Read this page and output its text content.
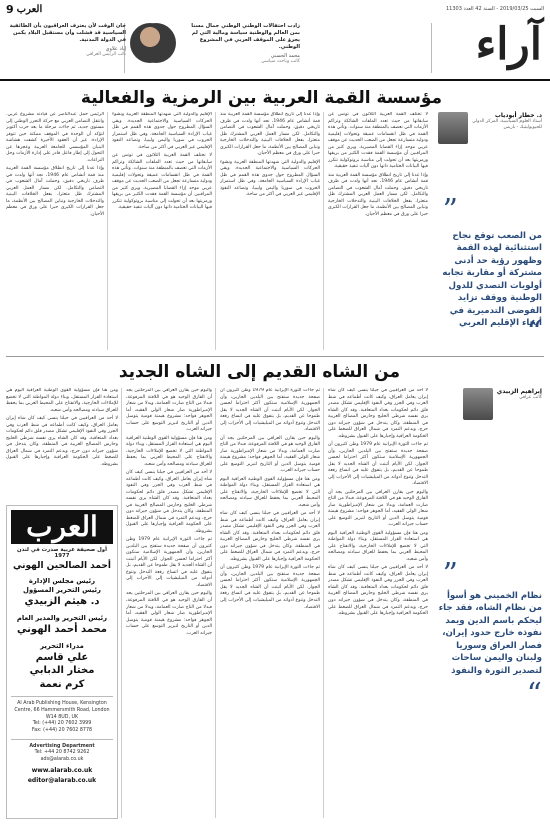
السبت 2019/03/25 - السنة 42 العدد 11303
9 العرب
آراء
زادت احتفالات الوطني الوطني جمال مسنا بمن العالم والوطنية سياسة ومالية التي لم يجرؤ على الموقف العربي في المشروع الوطني.
محمد الحسني
كاتب وباحث سياسي
حان الوقت لأن يعترف العراقيون بأن الطائفية السياسية قد فشلت وأن مستقبل البلاد يكمن في الدولة المدنية.
إياد علاوي
نائب الرئيس العراقي
مؤسسة القمة العربية بين الرمزية والفعالية
د. خطار أبودياب
أستاذ العلوم السياسية، المركز الدولي للجيوبوليتيك - باريس
”
من الصعب توقع نجاح استثنائية لهذه القمة وظهور رؤية حد أدنى مشتركة أو مقاربة تجابه أولويات التصدي للدول الوطنية ووقف تزايد الفوضى التدميرية في أنحاء الإقليم العربي
“

لا تختلف القمة العربية الثلاثون في تونس عن سابقاتها من حيث تعدد الملفات الشائكة وتراكم الأزمات التي تعصف بالمنطقة منذ سنوات. وتأتي هذه القمة في ظل انقسامات عميقة وتحولات إقليمية ودولية متسارعة تجعل من الصعب الحديث عن موقف عربي موحد إزاء القضايا المصيرية. ويرى كثير من المراقبين أن مؤسسة القمة فقدت الكثير من بريقها ورمزيتها بعد أن تحولت إلى مناسبة بروتوكولية تتكرر فيها البيانات الختامية ذاتها دون آليات تنفيذ حقيقية.

وإذا عدنا إلى تاريخ انطلاق مؤسسة القمة العربية منذ قمة أنشاص عام 1946، نجد أنها ولدت في ظرف تاريخي دقيق، وحملت آمال الشعوب في التضامن والتكامل. لكن مسار العمل العربي المشترك ظل متعثرا، بفعل الخلافات البينية والتدخلات الخارجية وتباين المصالح بين الأنظمة، ما جعل القرارات الكبرى حبرا على ورق في معظم الأحيان.

وإذا عدنا إلى تاريخ انطلاق مؤسسة القمة العربية منذ قمة أنشاص عام 1946، نجد أنها ولدت في ظرف تاريخي دقيق، وحملت آمال الشعوب في التضامن والتكامل. لكن مسار العمل العربي المشترك ظل متعثرا، بفعل الخلافات البينية والتدخلات الخارجية وتباين المصالح بين الأنظمة، ما جعل القرارات الكبرى حبرا على ورق في معظم الأحيان.

الإقليم والدولية التي شهدتها المنطقة العربية ونشوء الحركات السياسية والاجتماعية الجديدة. وبقي السؤال المطروح حول جدوى هذه القمم في ظل غياب الإرادة السياسية الجامعة، وفي ظل استمرار الحروب في سوريا واليمن وليبيا، وتصاعد النفوذ الإقليمي غير العربي في أكثر من ساحة.

الإقليم والدولية التي شهدتها المنطقة العربية ونشوء الحركات السياسية والاجتماعية الجديدة. وبقي السؤال المطروح حول جدوى هذه القمم في ظل غياب الإرادة السياسية الجامعة، وفي ظل استمرار الحروب في سوريا واليمن وليبيا، وتصاعد النفوذ الإقليمي غير العربي في أكثر من ساحة.

لا تختلف القمة العربية الثلاثون في تونس عن سابقاتها من حيث تعدد الملفات الشائكة وتراكم الأزمات التي تعصف بالمنطقة منذ سنوات. وتأتي هذه القمة في ظل انقسامات عميقة وتحولات إقليمية ودولية متسارعة تجعل من الصعب الحديث عن موقف عربي موحد إزاء القضايا المصيرية. ويرى كثير من المراقبين أن مؤسسة القمة فقدت الكثير من بريقها ورمزيتها بعد أن تحولت إلى مناسبة بروتوكولية تتكرر فيها البيانات الختامية ذاتها دون آليات تنفيذ حقيقية.

الرئيس حمل عبدالناصر عن قيادته مشروع عربي. وانتقل التضامن العربي مع حركة التحرر الوطني إلى مستوى جديد، ثم جاءت مرحلة ما بعد حرب أكتوبر لتؤكد أن الوحدة في الموقف ممكنة حين تتوفر الإرادة. غير أن العقود الأخيرة كشفت هشاشة البنيان المؤسسي للجامعة العربية وعجزها عن التحول إلى إطار فاعل قادر على إدارة الأزمات وحل النزاعات.

وإذا عدنا إلى تاريخ انطلاق مؤسسة القمة العربية منذ قمة أنشاص عام 1946، نجد أنها ولدت في ظرف تاريخي دقيق، وحملت آمال الشعوب في التضامن والتكامل. لكن مسار العمل العربي المشترك ظل متعثرا، بفعل الخلافات البينية والتدخلات الخارجية وتباين المصالح بين الأنظمة، ما جعل القرارات الكبرى حبرا على ورق في معظم الأحيان.

من الشاه القديم إلى الشاه الجديد
إبراهيم الزبيدي
كاتب عراقي
”
نظام الخميني هو أسوأ من نظام الشاه، فقد جاء ليحكم باسم الدين ويمد نفوذه خارج حدود إيران، فصار العراق وسوريا ولبنان واليمن ساحات لتصدير الثورة والنفوذ
“

لا أحد من العراقيين في جيلنا ينسى كيف كان شاه إيران يعامل العراق، وكيف كانت أطماعه في شط العرب وفي الجزر وفي النفوذ الإقليمي تشكل مصدر قلق دائم لحكومات بغداد المتعاقبة. وقد كان الشاه يرى نفسه شرطي الخليج وحارس المصالح الغربية في المنطقة، وكان يتدخل في شؤون جيرانه دون حرج، ويدعم التمرد في شمال العراق للضغط على الحكومة العراقية وإجبارها على القبول بشروطه.

ثم جاءت الثورة الإيرانية عام 1979 وظن كثيرون أن صفحة جديدة ستفتح بين البلدين الجارين، وأن الجمهورية الإسلامية ستكون أكثر احتراما لحسن الجوار. لكن الأيام أثبتت أن الشاه الجديد لا يقل طموحا عن القديم، بل يتفوق عليه في اتساع رقعة التدخل وتنوع أدواته من الميليشيات إلى الأحزاب إلى الاقتصاد.

واليوم حين يقارن العراقي بين المرحلتين يجد أن الفارق الوحيد هو في اللافتة المرفوعة، فبدلا من التاج صارت العمامة، وبدلا من شعار الإمبراطورية صار شعار الولي الفقيه، أما الجوهر فواحد: مشروع هيمنة قومية يتوسل الدين أو التاريخ لتبرير التوسع على حساب جيرانه العرب.

ومن هنا فإن مسؤولية القوى الوطنية العراقية اليوم هي استعادة القرار المستقل، وبناء دولة المواطنة التي لا تخضع للإملاءات الخارجية، والانفتاح على المحيط العربي بما يحفظ للعراق سيادته ومصالحه وأمن شعبه.

لا أحد من العراقيين في جيلنا ينسى كيف كان شاه إيران يعامل العراق، وكيف كانت أطماعه في شط العرب وفي الجزر وفي النفوذ الإقليمي تشكل مصدر قلق دائم لحكومات بغداد المتعاقبة. وقد كان الشاه يرى نفسه شرطي الخليج وحارس المصالح الغربية في المنطقة، وكان يتدخل في شؤون جيرانه دون حرج، ويدعم التمرد في شمال العراق للضغط على الحكومة العراقية وإجبارها على القبول بشروطه.

ثم جاءت الثورة الإيرانية عام 1979 وظن كثيرون أن صفحة جديدة ستفتح بين البلدين الجارين، وأن الجمهورية الإسلامية ستكون أكثر احتراما لحسن الجوار. لكن الأيام أثبتت أن الشاه الجديد لا يقل طموحا عن القديم، بل يتفوق عليه في اتساع رقعة التدخل وتنوع أدواته من الميليشيات إلى الأحزاب إلى الاقتصاد.

واليوم حين يقارن العراقي بين المرحلتين يجد أن الفارق الوحيد هو في اللافتة المرفوعة، فبدلا من التاج صارت العمامة، وبدلا من شعار الإمبراطورية صار شعار الولي الفقيه، أما الجوهر فواحد: مشروع هيمنة قومية يتوسل الدين أو التاريخ لتبرير التوسع على حساب جيرانه العرب.

ومن هنا فإن مسؤولية القوى الوطنية العراقية اليوم هي استعادة القرار المستقل، وبناء دولة المواطنة التي لا تخضع للإملاءات الخارجية، والانفتاح على المحيط العربي بما يحفظ للعراق سيادته ومصالحه وأمن شعبه.

لا أحد من العراقيين في جيلنا ينسى كيف كان شاه إيران يعامل العراق، وكيف كانت أطماعه في شط العرب وفي الجزر وفي النفوذ الإقليمي تشكل مصدر قلق دائم لحكومات بغداد المتعاقبة. وقد كان الشاه يرى نفسه شرطي الخليج وحارس المصالح الغربية في المنطقة، وكان يتدخل في شؤون جيرانه دون حرج، ويدعم التمرد في شمال العراق للضغط على الحكومة العراقية وإجبارها على القبول بشروطه.

ثم جاءت الثورة الإيرانية عام 1979 وظن كثيرون أن صفحة جديدة ستفتح بين البلدين الجارين، وأن الجمهورية الإسلامية ستكون أكثر احتراما لحسن الجوار. لكن الأيام أثبتت أن الشاه الجديد لا يقل طموحا عن القديم، بل يتفوق عليه في اتساع رقعة التدخل وتنوع أدواته من الميليشيات إلى الأحزاب إلى الاقتصاد.

واليوم حين يقارن العراقي بين المرحلتين يجد أن الفارق الوحيد هو في اللافتة المرفوعة، فبدلا من التاج صارت العمامة، وبدلا من شعار الإمبراطورية صار شعار الولي الفقيه، أما الجوهر فواحد: مشروع هيمنة قومية يتوسل الدين أو التاريخ لتبرير التوسع على حساب جيرانه العرب.

ومن هنا فإن مسؤولية القوى الوطنية العراقية اليوم هي استعادة القرار المستقل، وبناء دولة المواطنة التي لا تخضع للإملاءات الخارجية، والانفتاح على المحيط العربي بما يحفظ للعراق سيادته ومصالحه وأمن شعبه.

لا أحد من العراقيين في جيلنا ينسى كيف كان شاه إيران يعامل العراق، وكيف كانت أطماعه في شط العرب وفي الجزر وفي النفوذ الإقليمي تشكل مصدر قلق دائم لحكومات بغداد المتعاقبة. وقد كان الشاه يرى نفسه شرطي الخليج وحارس المصالح الغربية في المنطقة، وكان يتدخل في شؤون جيرانه دون حرج، ويدعم التمرد في شمال العراق للضغط على الحكومة العراقية وإجبارها على القبول بشروطه.

ثم جاءت الثورة الإيرانية عام 1979 وظن كثيرون أن صفحة جديدة ستفتح بين البلدين الجارين، وأن الجمهورية الإسلامية ستكون أكثر احتراما لحسن الجوار. لكن الأيام أثبتت أن الشاه الجديد لا يقل طموحا عن القديم، بل يتفوق عليه في اتساع رقعة التدخل وتنوع أدواته من الميليشيات إلى الأحزاب إلى الاقتصاد.

واليوم حين يقارن العراقي بين المرحلتين يجد أن الفارق الوحيد هو في اللافتة المرفوعة، فبدلا من التاج صارت العمامة، وبدلا من شعار الإمبراطورية صار شعار الولي الفقيه، أما الجوهر فواحد: مشروع هيمنة قومية يتوسل الدين أو التاريخ لتبرير التوسع على حساب جيرانه العرب.

ومن هنا فإن مسؤولية القوى الوطنية العراقية اليوم هي استعادة القرار المستقل، وبناء دولة المواطنة التي لا تخضع للإملاءات الخارجية، والانفتاح على المحيط العربي بما يحفظ للعراق سيادته ومصالحه وأمن شعبه.

لا أحد من العراقيين في جيلنا ينسى كيف كان شاه إيران يعامل العراق، وكيف كانت أطماعه في شط العرب وفي الجزر وفي النفوذ الإقليمي تشكل مصدر قلق دائم لحكومات بغداد المتعاقبة. وقد كان الشاه يرى نفسه شرطي الخليج وحارس المصالح الغربية في المنطقة، وكان يتدخل في شؤون جيرانه دون حرج، ويدعم التمرد في شمال العراق للضغط على الحكومة العراقية وإجبارها على القبول بشروطه.

العرب
أول صحيفة عربية صدرت في لندن 1977
أحمد الصالحين الهوني
رئيس مجلس الإدارة
رئيس التحرير المسؤول
د. هيثم الزبيدي
رئيس التحرير والمدير العام
محمد أحمد الهوني
مدراء التحرير
علي قاسم
مختار الدبابي
كرم نعمة
Al Arab Publishing House, Kensington Centre, 66 Hammersmith Road, London W14 8UD, UK
Tel: (+44) 20 7602 3999
Fax: (+44) 20 7602 8778
Advertising Department
Tel: +44 20 8742 9262
ads@alarab.co.uk
www.alarab.co.uk
editor@alarab.co.uk
